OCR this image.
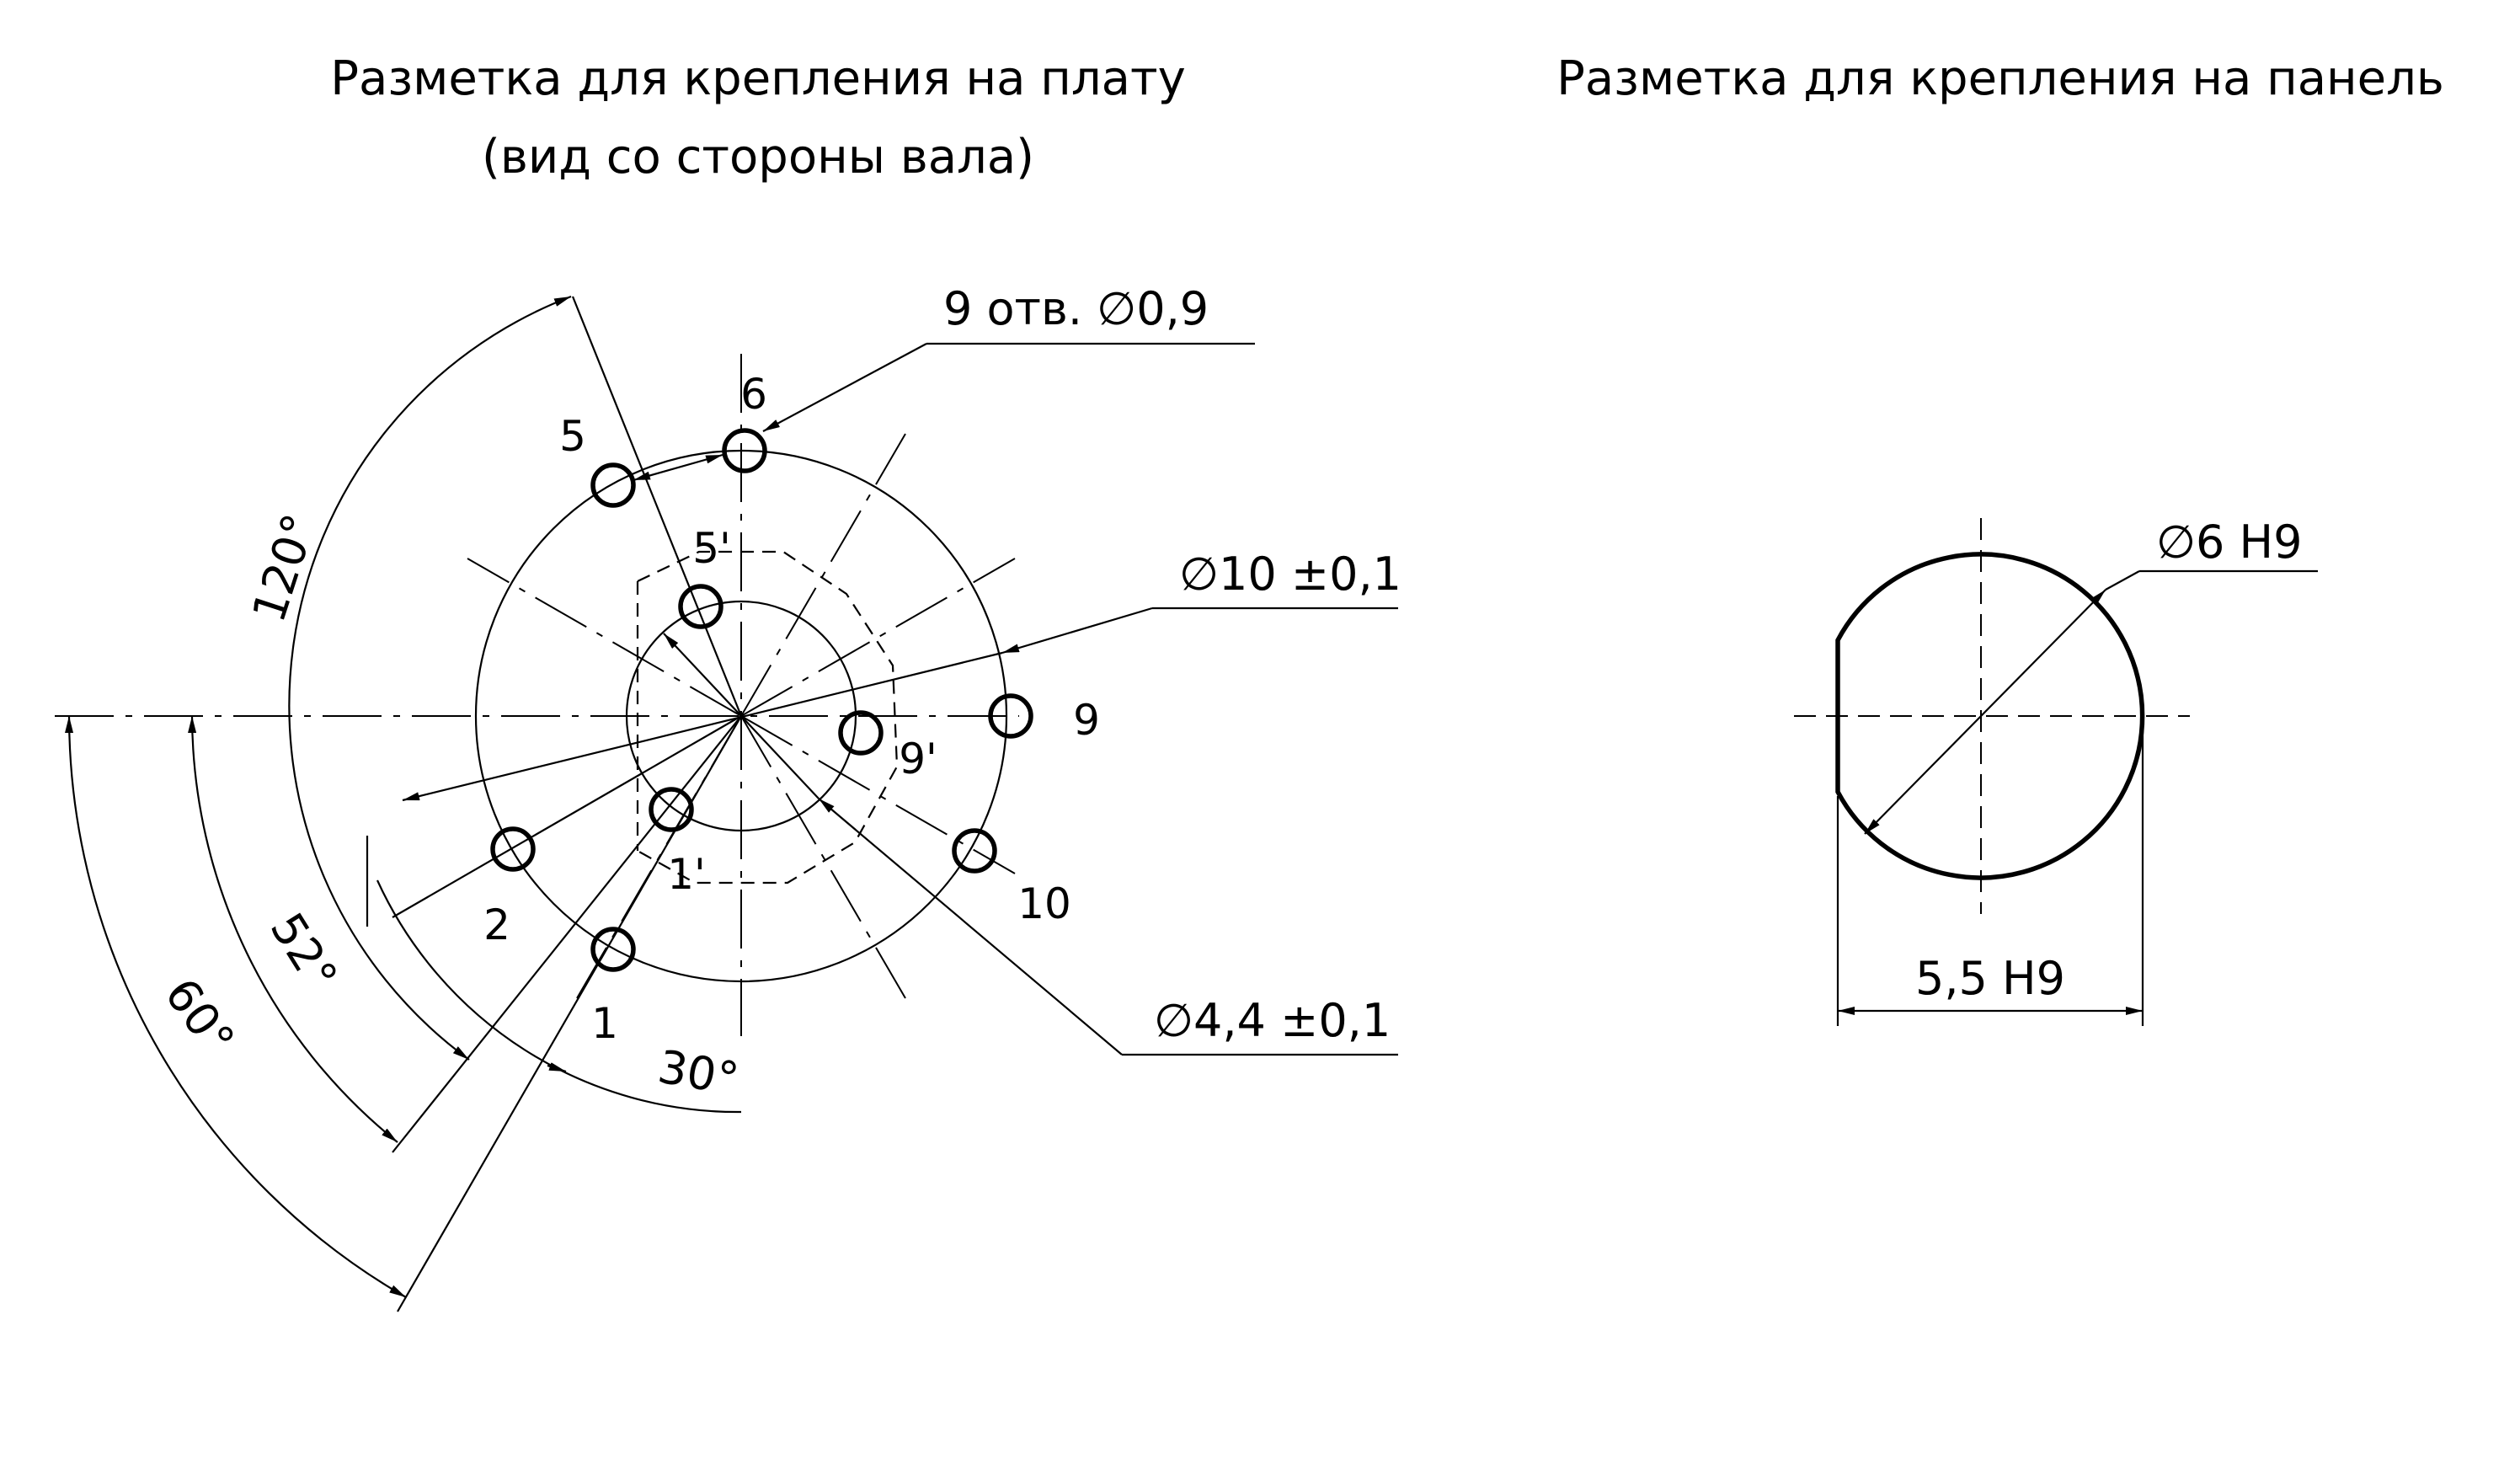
Разметка для крепления на плату
(вид со стороны вала)
Разметка для крепления на панель
1
2
5
6
9
10
1'
5'
9'
9 отв. ∅0,9
∅10 ±0,1
∅4,4 ±0,1
120°
52°
60°
30°
∅6 H9
5,5 H9
